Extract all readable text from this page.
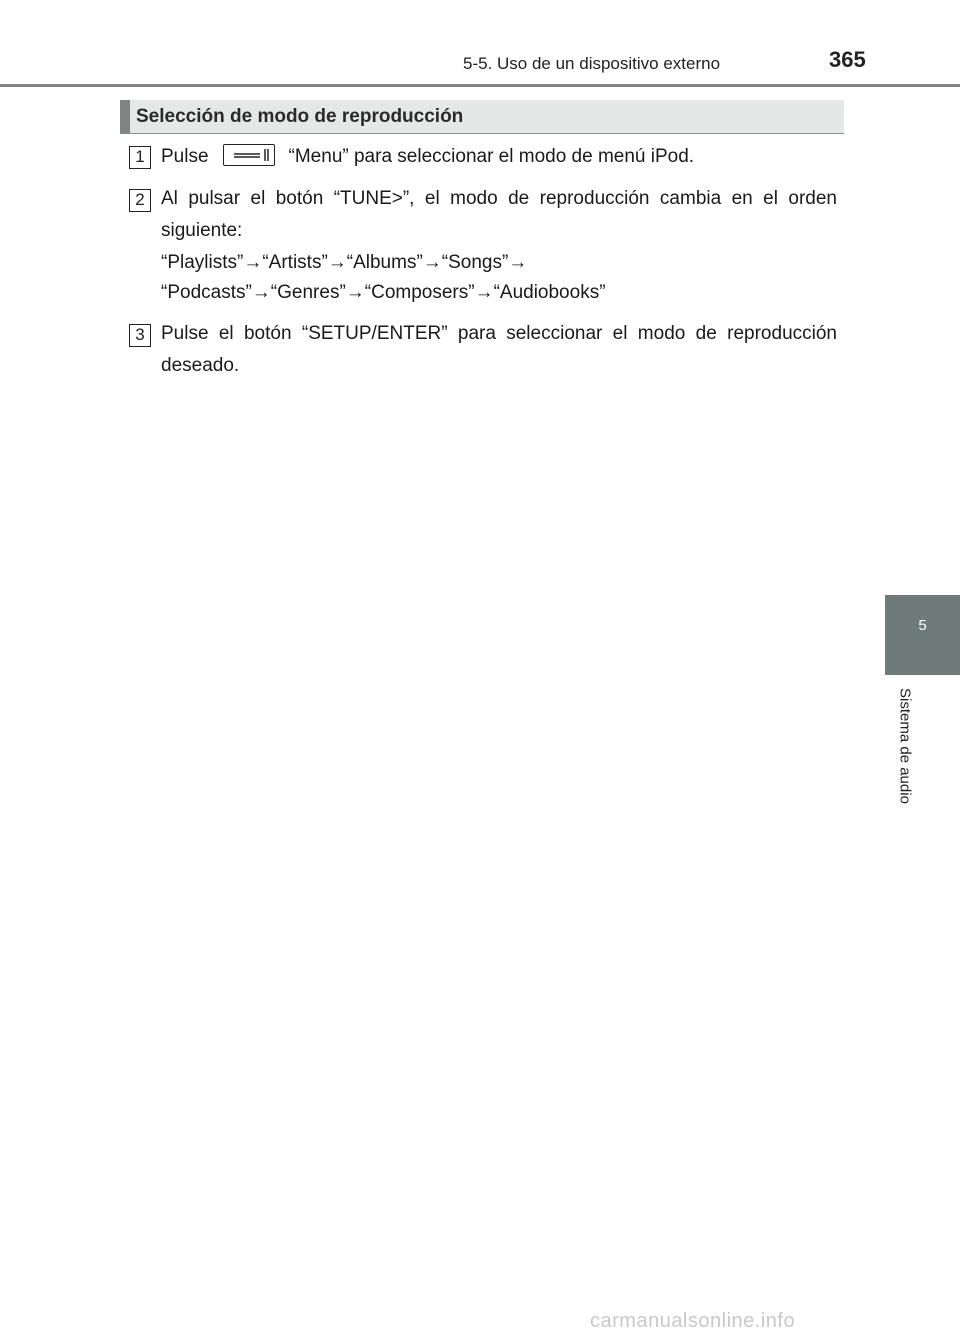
5-5. Uso de un dispositivo externo	365
5
Sistema de audio
Selección de modo de reproducción
1 Pulse	“Menu” para seleccionar el modo de menú iPod.
2 Al pulsar el botón “TUNE>”, el modo de reproducción cambia en el orden siguiente:
“Playlists”→“Artists”→“Albums”→“Songs”→
“Podcasts”→“Genres”→“Composers”→“Audiobooks”
3 Pulse el botón “SETUP/ENTER” para seleccionar el modo de reproducción deseado.
carmanualsonline.info
